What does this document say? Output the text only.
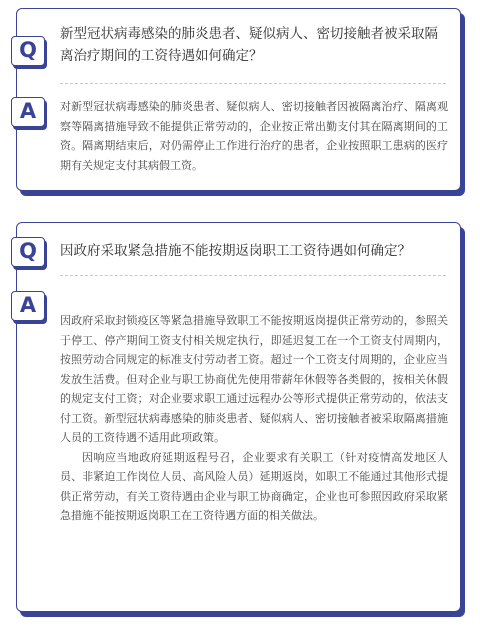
Q
新型冠状病毒感染的肺炎患者、疑似病人、密切接触者被采取隔离治疗期间的工资待遇如何确定？
A	对新型冠状病毒感染的肺炎患者、疑似病人、密切接触者因被隔离治疗、隔离观察等隔离措施导致不能提供正常劳动的，企业按正常出勤支付其在隔离期间的工资。隔离期结束后，对仍需停止工作进行治疗的患者，企业按照职工患病的医疗期有关规定支付其病假工资。

Q	因政府采取紧急措施不能按期返岗职工工资待遇如何确定？
A

因政府采取封锁疫区等紧急措施导致职工不能按期返岗提供正常劳动的，参照关于停工、停产期间工资支付相关规定执行，即延迟复工在一个工资支付周期内，按照劳动合同规定的标准支付劳动者工资。超过一个工资支付周期的，企业应当发放生活费。但对企业与职工协商优先使用带薪年休假等各类假的，按相关休假的规定支付工资；对企业要求职工通过远程办公等形式提供正常劳动的，依法支付工资。新型冠状病毒感染的肺炎患者、疑似病人、密切接触者被采取隔离措施人员的工资待遇不适用此项政策。

因响应当地政府延期返程号召，企业要求有关职工（针对疫情高发地区人员、非紧迫工作岗位人员、高风险人员）延期返岗，如职工不能通过其他形式提供正常劳动，有关工资待遇由企业与职工协商确定，企业也可参照因政府采取紧急措施不能按期返岗职工在工资待遇方面的相关做法。
